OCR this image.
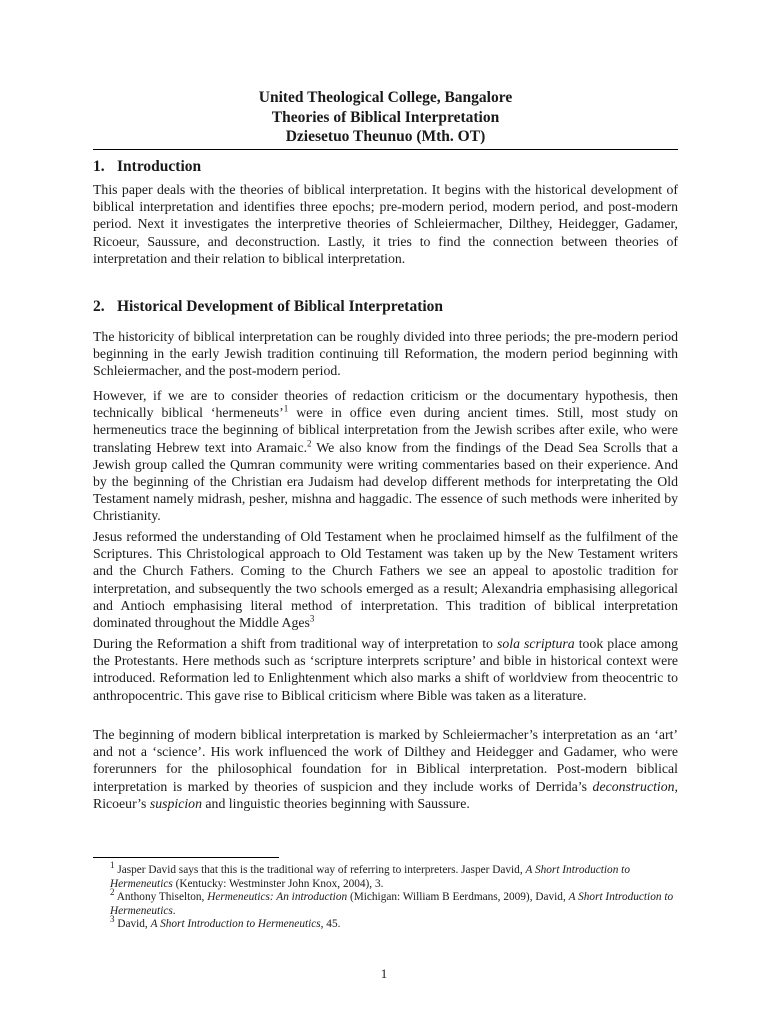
United Theological College, Bangalore
Theories of Biblical Interpretation
Dziesetuo Theunuo (Mth. OT)
1. Introduction

This paper deals with the theories of biblical interpretation. It begins with the historical development of biblical interpretation and identifies three epochs; pre-modern period, modern period, and post-modern period. Next it investigates the interpretive theories of Schleiermacher, Dilthey, Heidegger, Gadamer, Ricoeur, Saussure, and deconstruction. Lastly, it tries to find the connection between theories of interpretation and their relation to biblical interpretation.

2. Historical Development of Biblical Interpretation

The historicity of biblical interpretation can be roughly divided into three periods; the pre-modern period beginning in the early Jewish tradition continuing till Reformation, the modern period beginning with Schleiermacher, and the post-modern period.

However, if we are to consider theories of redaction criticism or the documentary hypothesis, then technically biblical ‘hermeneuts’$^1$ were in office even during ancient times. Still, most study on hermeneutics trace the beginning of biblical interpretation from the Jewish scribes after exile, who were translating Hebrew text into Aramaic.$^2$ We also know from the findings of the Dead Sea Scrolls that a Jewish group called the Qumran community were writing commentaries based on their experience. And by the beginning of the Christian era Judaism had develop different methods for interpretating the Old Testament namely midrash, pesher, mishna and haggadic. The essence of such methods were inherited by Christianity.

Jesus reformed the understanding of Old Testament when he proclaimed himself as the fulfilment of the Scriptures. This Christological approach to Old Testament was taken up by the New Testament writers and the Church Fathers. Coming to the Church Fathers we see an appeal to apostolic tradition for interpretation, and subsequently the two schools emerged as a result; Alexandria emphasising allegorical and Antioch emphasising literal method of interpretation. This tradition of biblical interpretation dominated throughout the Middle Ages$^3$

During the Reformation a shift from traditional way of interpretation to sola scriptura took place among the Protestants. Here methods such as ‘scripture interprets scripture’ and bible in historical context were introduced. Reformation led to Enlightenment which also marks a shift of worldview from theocentric to anthropocentric. This gave rise to Biblical criticism where Bible was taken as a literature.

The beginning of modern biblical interpretation is marked by Schleiermacher’s interpretation as an ‘art’ and not a ‘science’. His work influenced the work of Dilthey and Heidegger and Gadamer, who were forerunners for the philosophical foundation for in Biblical interpretation. Post-modern biblical interpretation is marked by theories of suspicion and they include works of Derrida’s deconstruction, Ricoeur’s suspicion and linguistic theories beginning with Saussure.

$^1$ Jasper David says that this is the traditional way of referring to interpreters. Jasper David, A Short Introduction to Hermeneutics (Kentucky: Westminster John Knox, 2004), 3.

$^2$ Anthony Thiselton, Hermeneutics: An introduction (Michigan: William B Eerdmans, 2009), David, A Short Introduction to Hermeneutics.

$^3$ David, A Short Introduction to Hermeneutics, 45.

1
